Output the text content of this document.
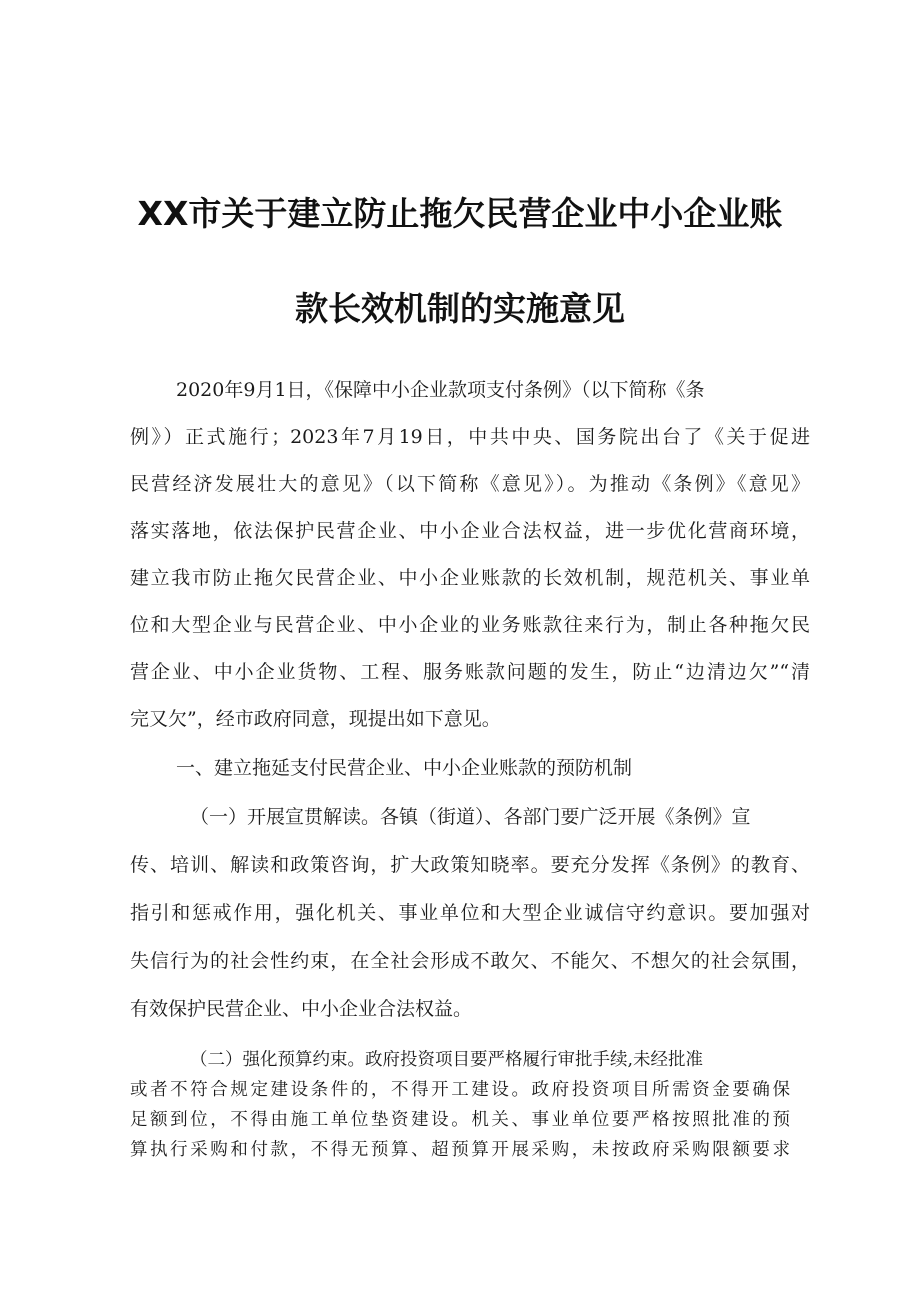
XX市关于建立防止拖欠民营企业中小企业账
款长效机制的实施意见
2020年9月1日，《保障中小企业款项支付条例》（以下简称《条
例》）正式施行；2023年7月19日，中共中央、国务院出台了《关于促进
民营经济发展壮大的意见》（以下简称《意见》）。为推动《条例》《意见》
落实落地，依法保护民营企业、中小企业合法权益，进一步优化营商环境，
建立我市防止拖欠民营企业、中小企业账款的长效机制，规范机关、事业单
位和大型企业与民营企业、中小企业的业务账款往来行为，制止各种拖欠民
营企业、中小企业货物、工程、服务账款问题的发生，防止“边清边欠”“清
完又欠”，经市政府同意，现提出如下意见。
一、建立拖延支付民营企业、中小企业账款的预防机制
（一）开展宣贯解读。各镇（街道）、各部门要广泛开展《条例》宣
传、培训、解读和政策咨询，扩大政策知晓率。要充分发挥《条例》的教育、
指引和惩戒作用，强化机关、事业单位和大型企业诚信守约意识。要加强对
失信行为的社会性约束，在全社会形成不敢欠、不能欠、不想欠的社会氛围，
有效保护民营企业、中小企业合法权益。
（二）强化预算约束。政府投资项目要严格履行审批手续,未经批准
或者不符合规定建设条件的，不得开工建设。政府投资项目所需资金要确保
足额到位，不得由施工单位垫资建设。机关、事业单位要严格按照批准的预
算执行采购和付款，不得无预算、超预算开展采购，未按政府采购限额要求
